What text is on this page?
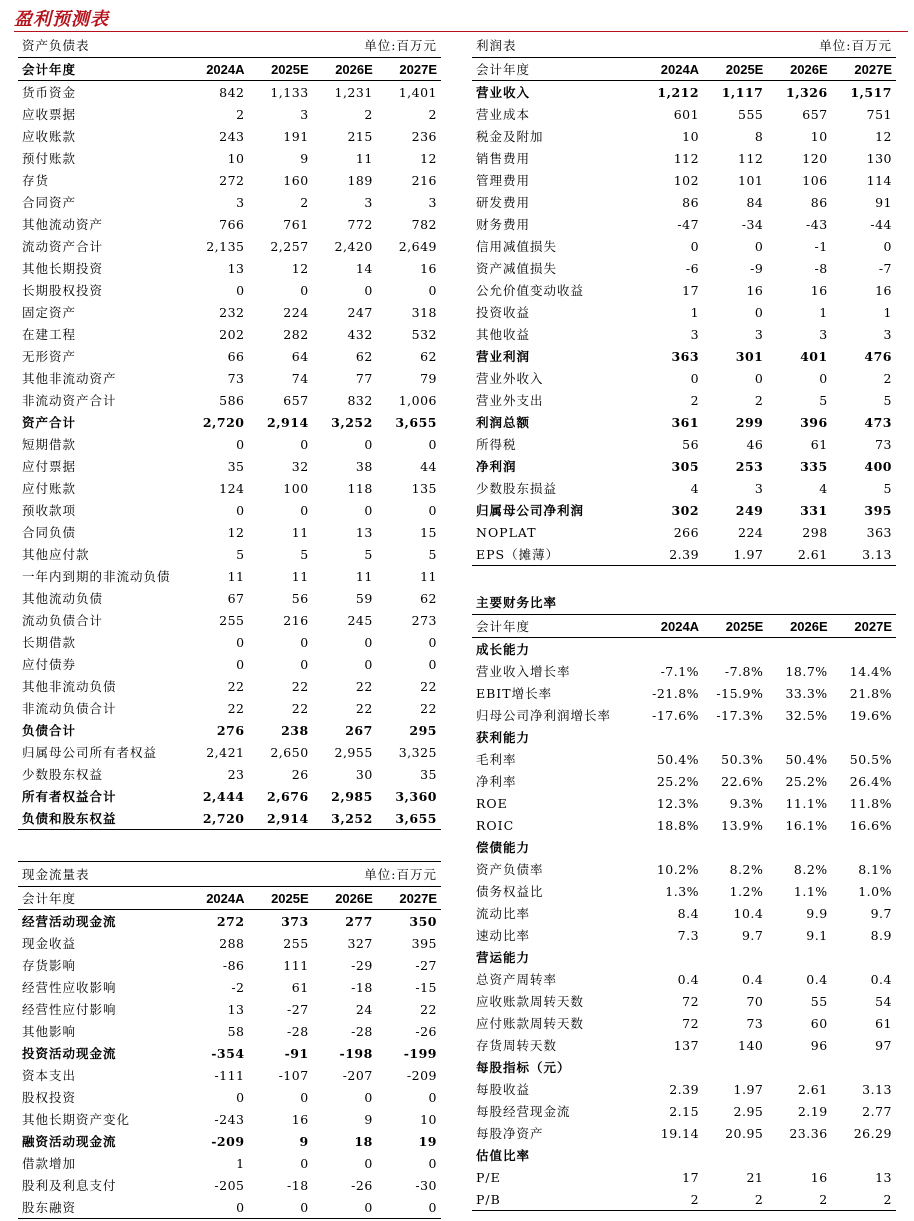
盈利预测表
资产负债表	单位:百万元			
会计年度	2024A	2025E	2026E	2027E
货币资金	842	1,133	1,231	1,401
应收票据	2	3	2	2
应收账款	243	191	215	236
预付账款	10	9	11	12
存货	272	160	189	216
合同资产	3	2	3	3
其他流动资产	766	761	772	782
流动资产合计	2,135	2,257	2,420	2,649
其他长期投资	13	12	14	16
长期股权投资	0	0	0	0
固定资产	232	224	247	318
在建工程	202	282	432	532
无形资产	66	64	62	62
其他非流动资产	73	74	77	79
非流动资产合计	586	657	832	1,006
资产合计	2,720	2,914	3,252	3,655
短期借款	0	0	0	0
应付票据	35	32	38	44
应付账款	124	100	118	135
预收款项	0	0	0	0
合同负债	12	11	13	15
其他应付款	5	5	5	5
一年内到期的非流动负债	11	11	11	11
其他流动负债	67	56	59	62
流动负债合计	255	216	245	273
长期借款	0	0	0	0
应付债券	0	0	0	0
其他非流动负债	22	22	22	22
非流动负债合计	22	22	22	22
负债合计	276	238	267	295
归属母公司所有者权益	2,421	2,650	2,955	3,325
少数股东权益	23	26	30	35
所有者权益合计	2,444	2,676	2,985	3,360
负债和股东权益	2,720	2,914	3,252	3,655
现金流量表	单位:百万元			
会计年度	2024A	2025E	2026E	2027E
经营活动现金流	272	373	277	350
现金收益	288	255	327	395
存货影响	-86	111	-29	-27
经营性应收影响	-2	61	-18	-15
经营性应付影响	13	-27	24	22
其他影响	58	-28	-28	-26
投资活动现金流	-354	-91	-198	-199
资本支出	-111	-107	-207	-209
股权投资	0	0	0	0
其他长期资产变化	-243	16	9	10
融资活动现金流	-209	9	18	19
借款增加	1	0	0	0
股利及利息支付	-205	-18	-26	-30
股东融资	0	0	0	0
利润表	单位:百万元			
会计年度	2024A	2025E	2026E	2027E
营业收入	1,212	1,117	1,326	1,517
营业成本	601	555	657	751
税金及附加	10	8	10	12
销售费用	112	112	120	130
管理费用	102	101	106	114
研发费用	86	84	86	91
财务费用	-47	-34	-43	-44
信用减值损失	0	0	-1	0
资产减值损失	-6	-9	-8	-7
公允价值变动收益	17	16	16	16
投资收益	1	0	1	1
其他收益	3	3	3	3
营业利润	363	301	401	476
营业外收入	0	0	0	2
营业外支出	2	2	5	5
利润总额	361	299	396	473
所得税	56	46	61	73
净利润	305	253	335	400
少数股东损益	4	3	4	5
归属母公司净利润	302	249	331	395
NOPLAT	266	224	298	363
EPS（摊薄）	2.39	1.97	2.61	3.13
主要财务比率				
会计年度	2024A	2025E	2026E	2027E
成长能力				
营业收入增长率	-7.1%	-7.8%	18.7%	14.4%
EBIT增长率	-21.8%	-15.9%	33.3%	21.8%
归母公司净利润增长率	-17.6%	-17.3%	32.5%	19.6%
获利能力				
毛利率	50.4%	50.3%	50.4%	50.5%
净利率	25.2%	22.6%	25.2%	26.4%
ROE	12.3%	9.3%	11.1%	11.8%
ROIC	18.8%	13.9%	16.1%	16.6%
偿债能力				
资产负债率	10.2%	8.2%	8.2%	8.1%
债务权益比	1.3%	1.2%	1.1%	1.0%
流动比率	8.4	10.4	9.9	9.7
速动比率	7.3	9.7	9.1	8.9
营运能力				
总资产周转率	0.4	0.4	0.4	0.4
应收账款周转天数	72	70	55	54
应付账款周转天数	72	73	60	61
存货周转天数	137	140	96	97
每股指标（元）				
每股收益	2.39	1.97	2.61	3.13
每股经营现金流	2.15	2.95	2.19	2.77
每股净资产	19.14	20.95	23.36	26.29
估值比率				
P/E	17	21	16	13
P/B	2	2	2	2
